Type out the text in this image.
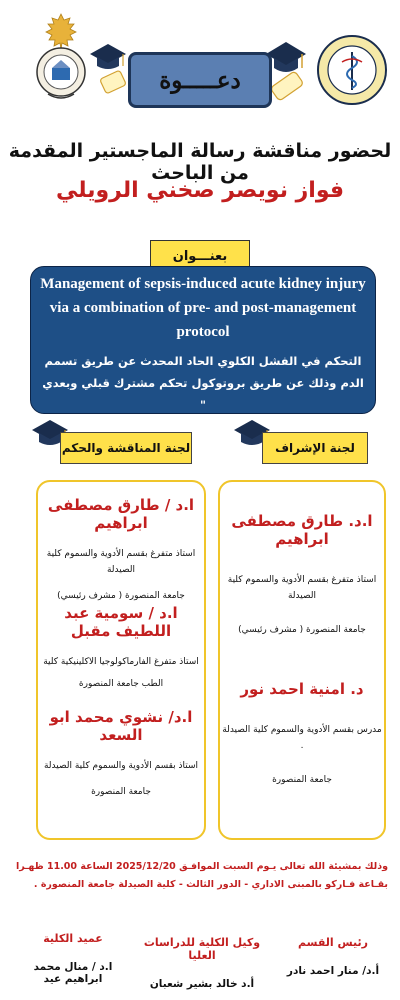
دعـــــوة
لحضور مناقشة رسالة الماجستير المقدمة من الباحث
فواز نويصر صخني الرويلي
بعنـــوان
Management of sepsis-induced acute kidney injury via a combination of pre- and post-management protocol
التحكم في الفشل الكلوي الحاد المحدث عن طريق تسمم الدم وذلك عن طريق بروتوكول تحكم مشترك قبلي وبعدي "
لجنة المناقشة والحكم	لجنة الإشراف
ا.د / طارق مصطفى ابراهيم
استاذ متفرغ بقسم الأدوية والسموم كلية الصيدلة
جامعة المنصورة ( مشرف رئيسي)
ا.د / سومية عبد اللطيف مقبل
استاذ متفرغ الفارماكولوجيا الاكلينيكية كلية
الطب جامعة المنصورة
ا.د/ نشوي محمد ابو السعد
استاذ بقسم الأدوية والسموم كلية الصيدلة
جامعة المنصورة
ا.د. طارق مصطفى ابراهيم
استاذ متفرغ بقسم الأدوية والسموم كلية الصيدلة
جامعة المنصورة ( مشرف رئيسي)
د. امنية احمد نور
مدرس بقسم الأدوية والسموم كلية الصيدلة .
جامعة المنصورة
وذلك بمشيئة الله تعالى يـوم السبت الموافـق 2025/12/20 الساعة 11.00 ظهـرا بقـاعة فـاركو بالمبنى الاداري - الدور الثالث - كلية الصيدلة جامعة المنصورة .
عميد الكلية
ا.د / منال محمد ابراهيم عيد
وكيل الكلية للدراسات العليا
أ.د خالد بشير شعبان
رئيس القسم
أ.د/ منار احمد نادر
